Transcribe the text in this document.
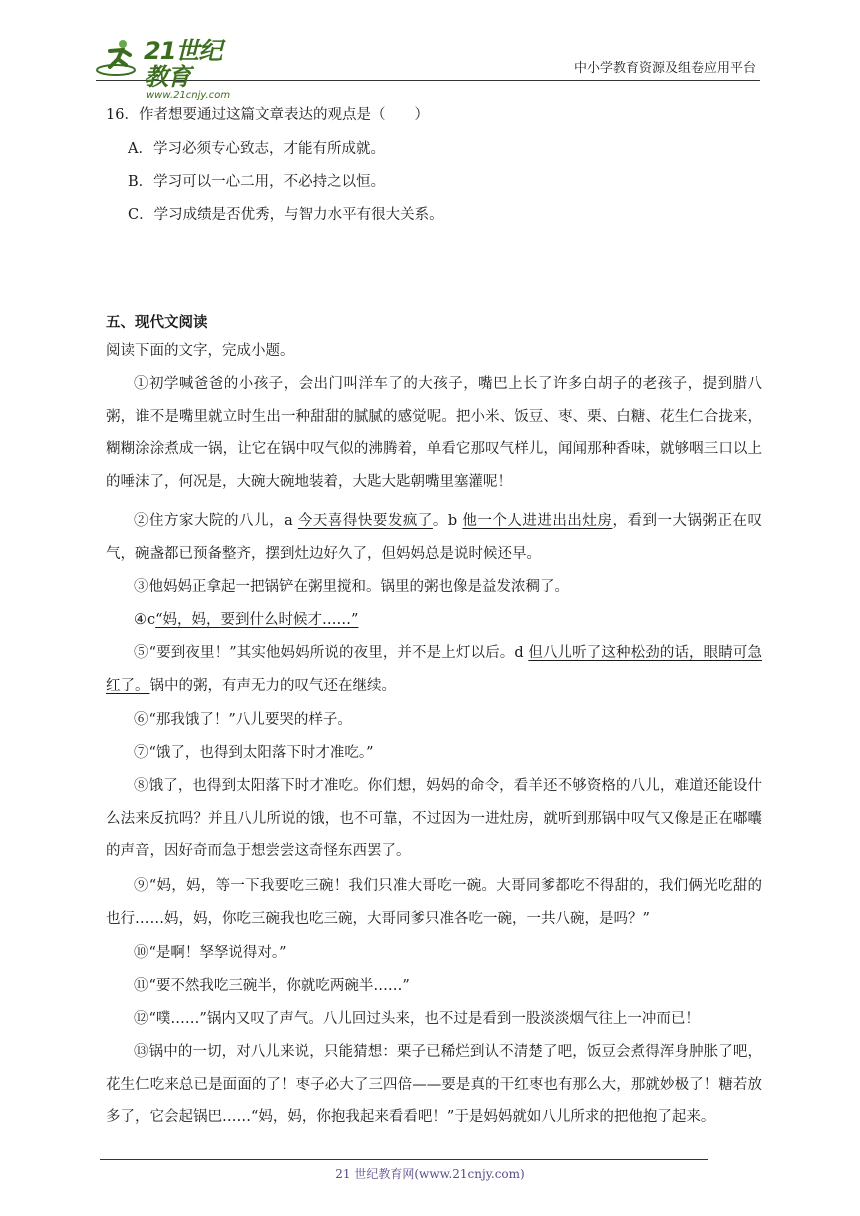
21世纪教育
www.21cnjy.com
中小学教育资源及组卷应用平台
16．作者想要通过这篇文章表达的观点是（　　）
A．学习必须专心致志，才能有所成就。
B．学习可以一心二用，不必持之以恒。
C．学习成绩是否优秀，与智力水平有很大关系。
五、现代文阅读
阅读下面的文字，完成小题。
①初学喊爸爸的小孩子，会出门叫洋车了的大孩子，嘴巴上长了许多白胡子的老孩子，提到腊八粥，谁不是嘴里就立时生出一种甜甜的腻腻的感觉呢。把小米、饭豆、枣、栗、白糖、花生仁合拢来，糊糊涂涂煮成一锅，让它在锅中叹气似的沸腾着，单看它那叹气样儿，闻闻那种香味，就够咽三口以上的唾沫了，何况是，大碗大碗地装着，大匙大匙朝嘴里塞灌呢！
②住方家大院的八儿，a 今天喜得快要发疯了。b 他一个人进进出出灶房，看到一大锅粥正在叹气，碗盏都已预备整齐，摆到灶边好久了，但妈妈总是说时候还早。
③他妈妈正拿起一把锅铲在粥里搅和。锅里的粥也像是益发浓稠了。
④c“妈，妈，要到什么时候才……”
⑤“要到夜里！”其实他妈妈所说的夜里，并不是上灯以后。d 但八儿听了这种松劲的话，眼睛可急红了。锅中的粥，有声无力的叹气还在继续。
⑥“那我饿了！”八儿要哭的样子。
⑦“饿了，也得到太阳落下时才准吃。”
⑧饿了，也得到太阳落下时才准吃。你们想，妈妈的命令，看羊还不够资格的八儿，难道还能设什么法来反抗吗？并且八儿所说的饿，也不可靠，不过因为一进灶房，就听到那锅中叹气又像是正在嘟囔的声音，因好奇而急于想尝尝这奇怪东西罢了。
⑨“妈，妈，等一下我要吃三碗！我们只准大哥吃一碗。大哥同爹都吃不得甜的，我们俩光吃甜的也行……妈，妈，你吃三碗我也吃三碗，大哥同爹只准各吃一碗，一共八碗，是吗？”
⑩“是啊！孥孥说得对。”
⑪“要不然我吃三碗半，你就吃两碗半……”
⑫“噗……”锅内又叹了声气。八儿回过头来，也不过是看到一股淡淡烟气往上一冲而已！
⑬锅中的一切，对八儿来说，只能猜想：栗子已稀烂到认不清楚了吧，饭豆会煮得浑身肿胀了吧，花生仁吃来总已是面面的了！枣子必大了三四倍——要是真的干红枣也有那么大，那就妙极了！糖若放多了，它会起锅巴……“妈，妈，你抱我起来看看吧！”于是妈妈就如八儿所求的把他抱了起来。
21 世纪教育网(www.21cnjy.com)
